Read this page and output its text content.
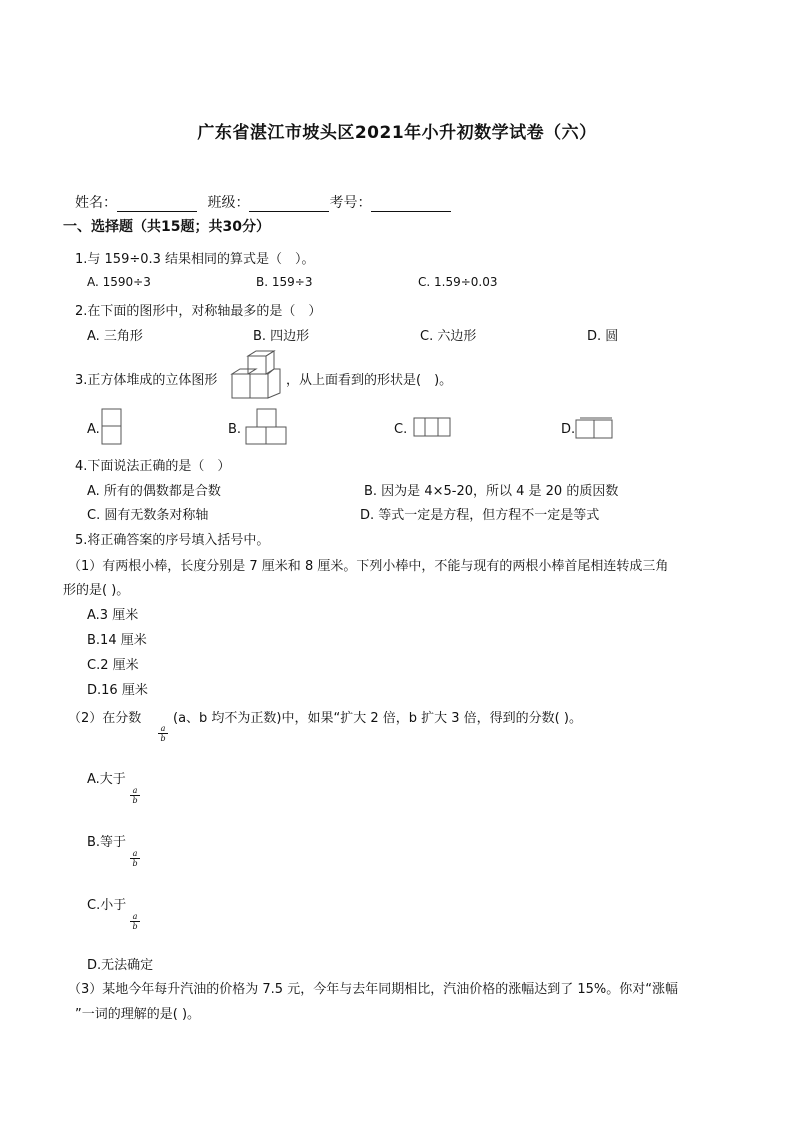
广东省湛江市坡头区2021年小升初数学试卷（六）
姓名：	班级：	考号：
一、选择题（共15题；共30分）
1.与 159÷0.3 结果相同的算式是（　）。
A. 1590÷3	B. 159÷3	C. 1.59÷0.03
2.在下面的图形中，对称轴最多的是（　）
A. 三角形	B. 四边形	C. 六边形	D. 圆
3.正方体堆成的立体图形	，从上面看到的形状是(　)。
A.	B.	C.	D.
4.下面说法正确的是（　）
A. 所有的偶数都是合数	B. 因为是 4×5-20，所以 4 是 20 的质因数
C. 圆有无数条对称轴	D. 等式一定是方程，但方程不一定是等式
5.将正确答案的序号填入括号中。
（1）有两根小棒，长度分别是 7 厘米和 8 厘米。下列小棒中，不能与现有的两根小棒首尾相连转成三角
形的是( )。
A.3 厘米
B.14 厘米
C.2 厘米
D.16 厘米
（2）在分数
$\frac{a}{b}$
(a、b 均不为正数)中，如果“扩大 2 倍，b 扩大 3 倍，得到的分数( )。
A.大于
$\frac{a}{b}$
B.等于
$\frac{a}{b}$
C.小于
$\frac{a}{b}$
D.无法确定
（3）某地今年每升汽油的价格为 7.5 元，今年与去年同期相比，汽油价格的涨幅达到了 15%。你对“涨幅
”一词的理解的是( )。
